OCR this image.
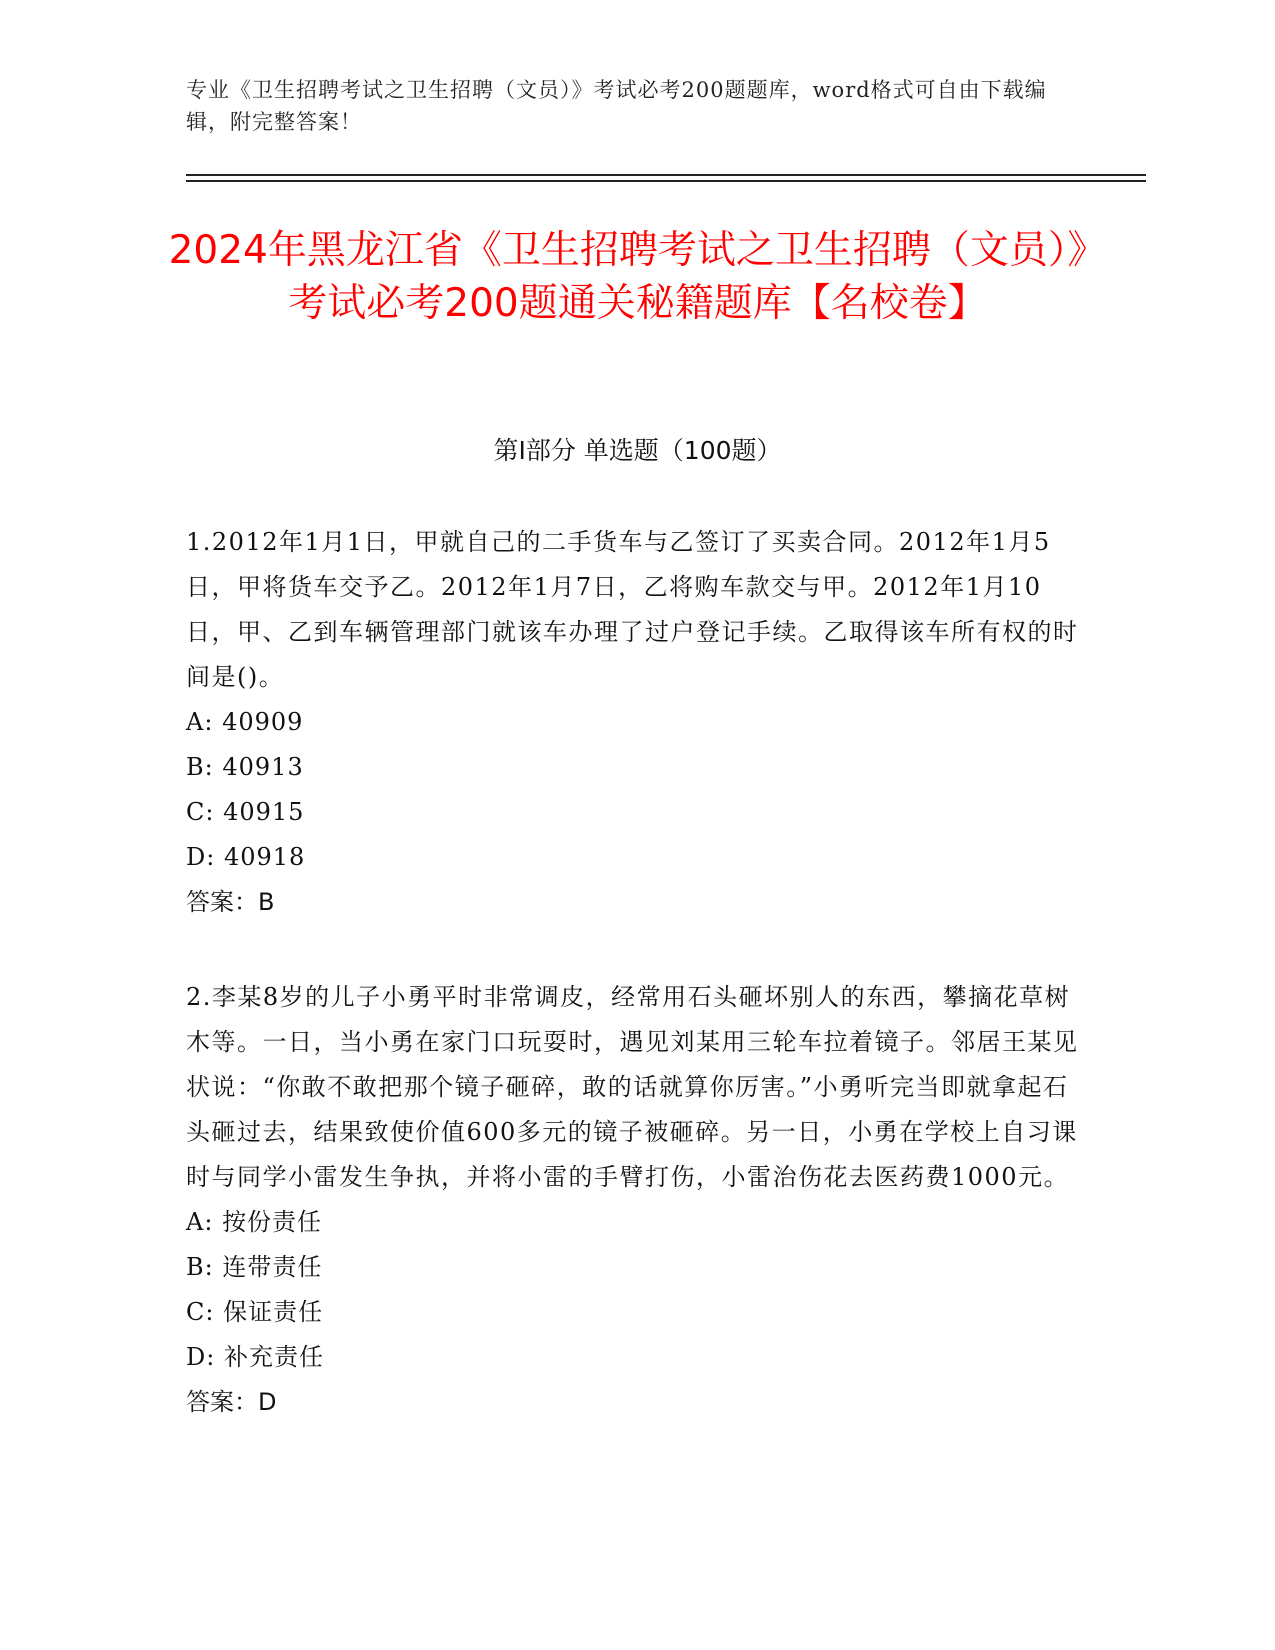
专业《卫生招聘考试之卫生招聘（文员）》考试必考200题题库，word格式可自由下载编辑，附完整答案！
2024年黑龙江省《卫生招聘考试之卫生招聘（文员）》考试必考200题通关秘籍题库【名校卷】
第I部分 单选题（100题）

1.2012年1月1日，甲就自己的二手货车与乙签订了买卖合同。2012年1月5日，甲将货车交予乙。2012年1月7日，乙将购车款交与甲。2012年1月10日，甲、乙到车辆管理部门就该车办理了过户登记手续。乙取得该车所有权的时间是()。

A: 40909

B: 40913

C: 40915

D: 40918

答案：B

2.李某8岁的儿子小勇平时非常调皮，经常用石头砸坏别人的东西，攀摘花草树木等。一日，当小勇在家门口玩耍时，遇见刘某用三轮车拉着镜子。邻居王某见状说：“你敢不敢把那个镜子砸碎，敢的话就算你厉害。”小勇听完当即就拿起石头砸过去，结果致使价值600多元的镜子被砸碎。另一日，小勇在学校上自习课时与同学小雷发生争执，并将小雷的手臂打伤，小雷治伤花去医药费1000元。

A: 按份责任

B: 连带责任

C: 保证责任

D: 补充责任

答案：D
